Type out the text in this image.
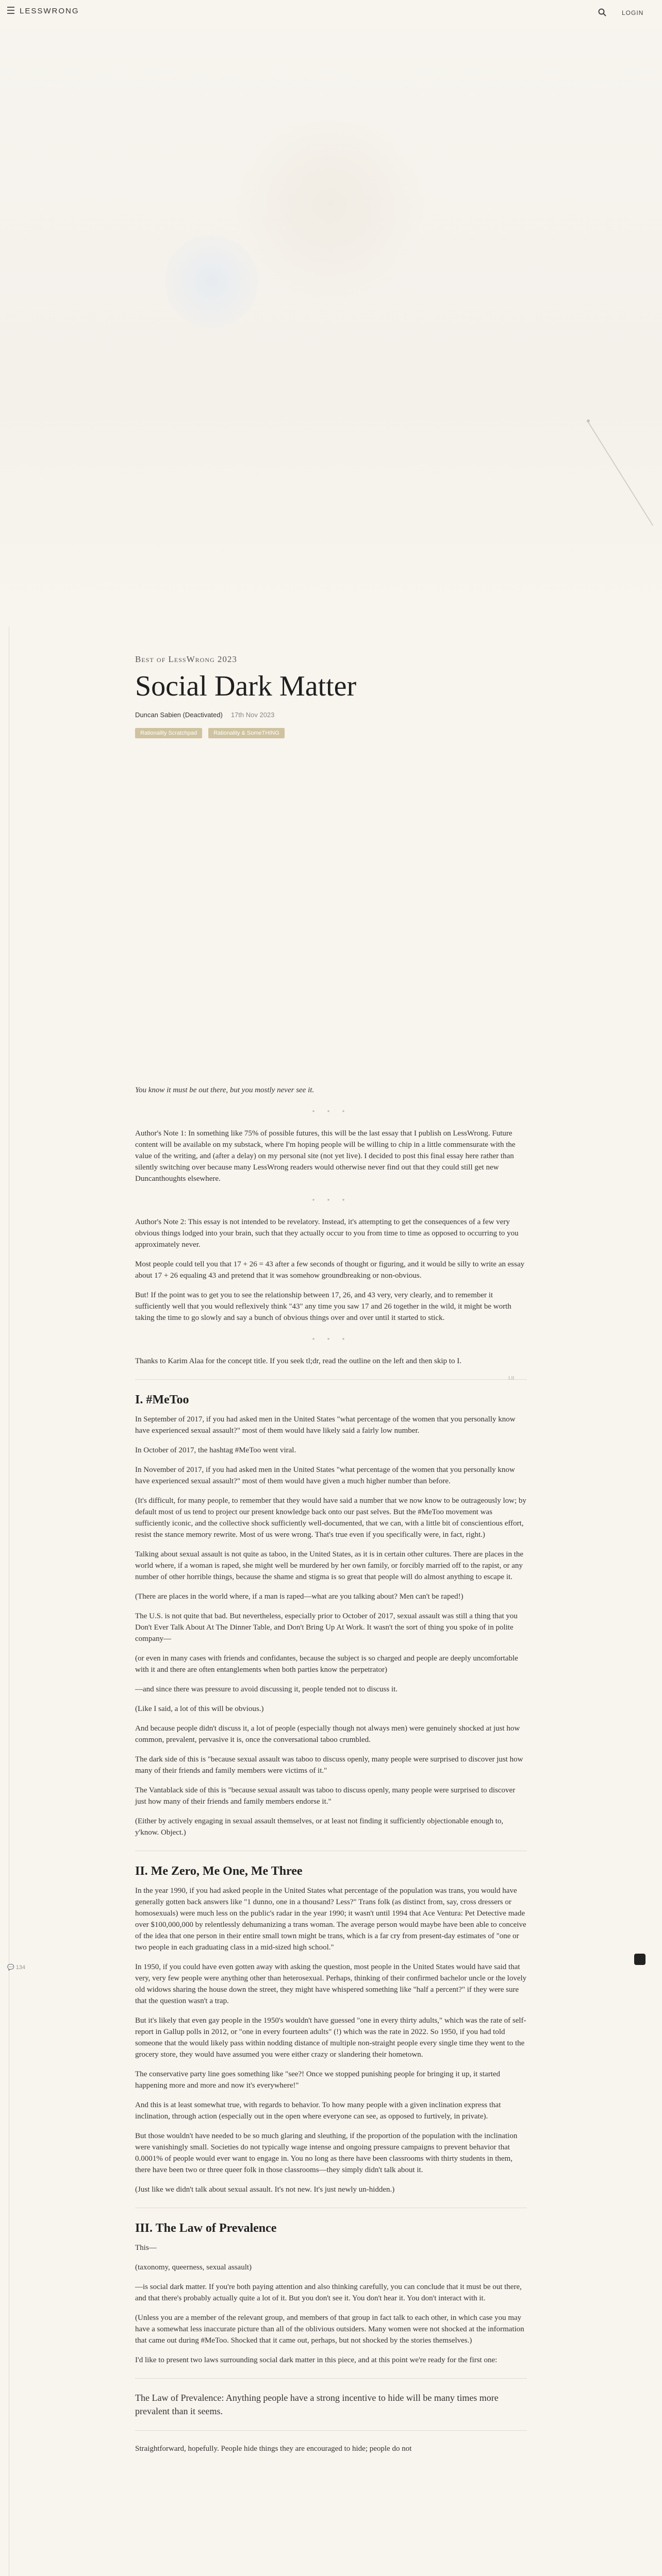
LESSWRONG	LOGIN

Best of LessWrong 2023
Social Dark Matter
Duncan Sabien (Deactivated) 17th Nov 2023
Rationality Scratchpad	Rationality & SomeTHING

You know it must be out there, but you mostly never see it.

• • •

Author's Note 1: In something like 75% of possible futures, this will be the last essay that I publish on LessWrong. Future content will be available on my substack, where I'm hoping people will be willing to chip in a little commensurate with the value of the writing, and (after a delay) on my personal site (not yet live). I decided to post this final essay here rather than silently switching over because many LessWrong readers would otherwise never find out that they could still get new Duncanthoughts elsewhere.

• • •

Author's Note 2: This essay is not intended to be revelatory. Instead, it's attempting to get the consequences of a few very obvious things lodged into your brain, such that they actually occur to you from time to time as opposed to occurring to you approximately never.

Most people could tell you that 17 + 26 = 43 after a few seconds of thought or figuring, and it would be silly to write an essay about 17 + 26 equaling 43 and pretend that it was somehow groundbreaking or non-obvious.

But! If the point was to get you to see the relationship between 17, 26, and 43 very, very clearly, and to remember it sufficiently well that you would reflexively think "43" any time you saw 17 and 26 together in the wild, it might be worth taking the time to go slowly and say a bunch of obvious things over and over until it started to stick.

• • •

Thanks to Karim Alaa for the concept title. If you seek tl;dr, read the outline on the left and then skip to I.

I. #MeToo

In September of 2017, if you had asked men in the United States "what percentage of the women that you personally know have experienced sexual assault?" most of them would have likely said a fairly low number.

In October of 2017, the hashtag #MeToo went viral.

In November of 2017, if you had asked men in the United States "what percentage of the women that you personally know have experienced sexual assault?" most of them would have given a much higher number than before.

(It's difficult, for many people, to remember that they would have said a number that we now know to be outrageously low; by default most of us tend to project our present knowledge back onto our past selves. But the #MeToo movement was sufficiently iconic, and the collective shock sufficiently well-documented, that we can, with a little bit of conscientious effort, resist the stance memory rewrite. Most of us were wrong. That's true even if you specifically were, in fact, right.)

Talking about sexual assault is not quite as taboo, in the United States, as it is in certain other cultures. There are places in the world where, if a woman is raped, she might well be murdered by her own family, or forcibly married off to the rapist, or any number of other horrible things, because the shame and stigma is so great that people will do almost anything to escape it.

(There are places in the world where, if a man is raped—what are you talking about? Men can't be raped!)

The U.S. is not quite that bad. But nevertheless, especially prior to October of 2017, sexual assault was still a thing that you Don't Ever Talk About At The Dinner Table, and Don't Bring Up At Work. It wasn't the sort of thing you spoke of in polite company—

(or even in many cases with friends and confidantes, because the subject is so charged and people are deeply uncomfortable with it and there are often entanglements when both parties know the perpetrator)

—and since there was pressure to avoid discussing it, people tended not to discuss it.

(Like I said, a lot of this will be obvious.)

And because people didn't discuss it, a lot of people (especially though not always men) were genuinely shocked at just how common, prevalent, pervasive it is, once the conversational taboo crumbled.

The dark side of this is "because sexual assault was taboo to discuss openly, many people were surprised to discover just how many of their friends and family members were victims of it."

The Vantablack side of this is "because sexual assault was taboo to discuss openly, many people were surprised to discover just how many of their friends and family members endorse it."

(Either by actively engaging in sexual assault themselves, or at least not finding it sufficiently objectionable enough to, y'know. Object.)

II. Me Zero, Me One, Me Three

In the year 1990, if you had asked people in the United States what percentage of the population was trans, you would have generally gotten back answers like "1 dunno, one in a thousand? Less?" Trans folk (as distinct from, say, cross dressers or homosexuals) were much less on the public's radar in the year 1990; it wasn't until 1994 that Ace Ventura: Pet Detective made over $100,000,000 by relentlessly dehumanizing a trans woman. The average person would maybe have been able to conceive of the idea that one person in their entire small town might be trans, which is a far cry from present-day estimates of "one or two people in each graduating class in a mid-sized high school."

In 1950, if you could have even gotten away with asking the question, most people in the United States would have said that very, very few people were anything other than heterosexual. Perhaps, thinking of their confirmed bachelor uncle or the lovely old widows sharing the house down the street, they might have whispered something like "half a percent?" if they were sure that the question wasn't a trap.

But it's likely that even gay people in the 1950's wouldn't have guessed "one in every thirty adults," which was the rate of self-report in Gallup polls in 2012, or "one in every fourteen adults" (!) which was the rate in 2022. So 1950, if you had told someone that the would likely pass within nodding distance of multiple non-straight people every single time they went to the grocery store, they would have assumed you were either crazy or slandering their hometown.

The conservative party line goes something like "see?! Once we stopped punishing people for bringing it up, it started happening more and more and now it's everywhere!"

And this is at least somewhat true, with regards to behavior. To how many people with a given inclination express that inclination, through action (especially out in the open where everyone can see, as opposed to furtively, in private).

But those wouldn't have needed to be so much glaring and sleuthing, if the proportion of the population with the inclination were vanishingly small. Societies do not typically wage intense and ongoing pressure campaigns to prevent behavior that 0.0001% of people would ever want to engage in. You no long as there have been classrooms with thirty students in them, there have been two or three queer folk in those classrooms—they simply didn't talk about it.

(Just like we didn't talk about sexual assault. It's not new. It's just newly un-hidden.)

III. The Law of Prevalence

This—

(taxonomy, queerness, sexual assault)

—is social dark matter. If you're both paying attention and also thinking carefully, you can conclude that it must be out there, and that there's probably actually quite a lot of it. But you don't see it. You don't hear it. You don't interact with it.

(Unless you are a member of the relevant group, and members of that group in fact talk to each other, in which case you may have a somewhat less inaccurate picture than all of the oblivious outsiders. Many women were not shocked at the information that came out during #MeToo. Shocked that it came out, perhaps, but not shocked by the stories themselves.)

I'd like to present two laws surrounding social dark matter in this piece, and at this point we're ready for the first one:

The Law of Prevalence: Anything people have a strong incentive to hide will be many times more prevalent than it seems.

Straightforward, hopefully. People hide things they are encouraged to hide; people do not

💬 134
I.II
